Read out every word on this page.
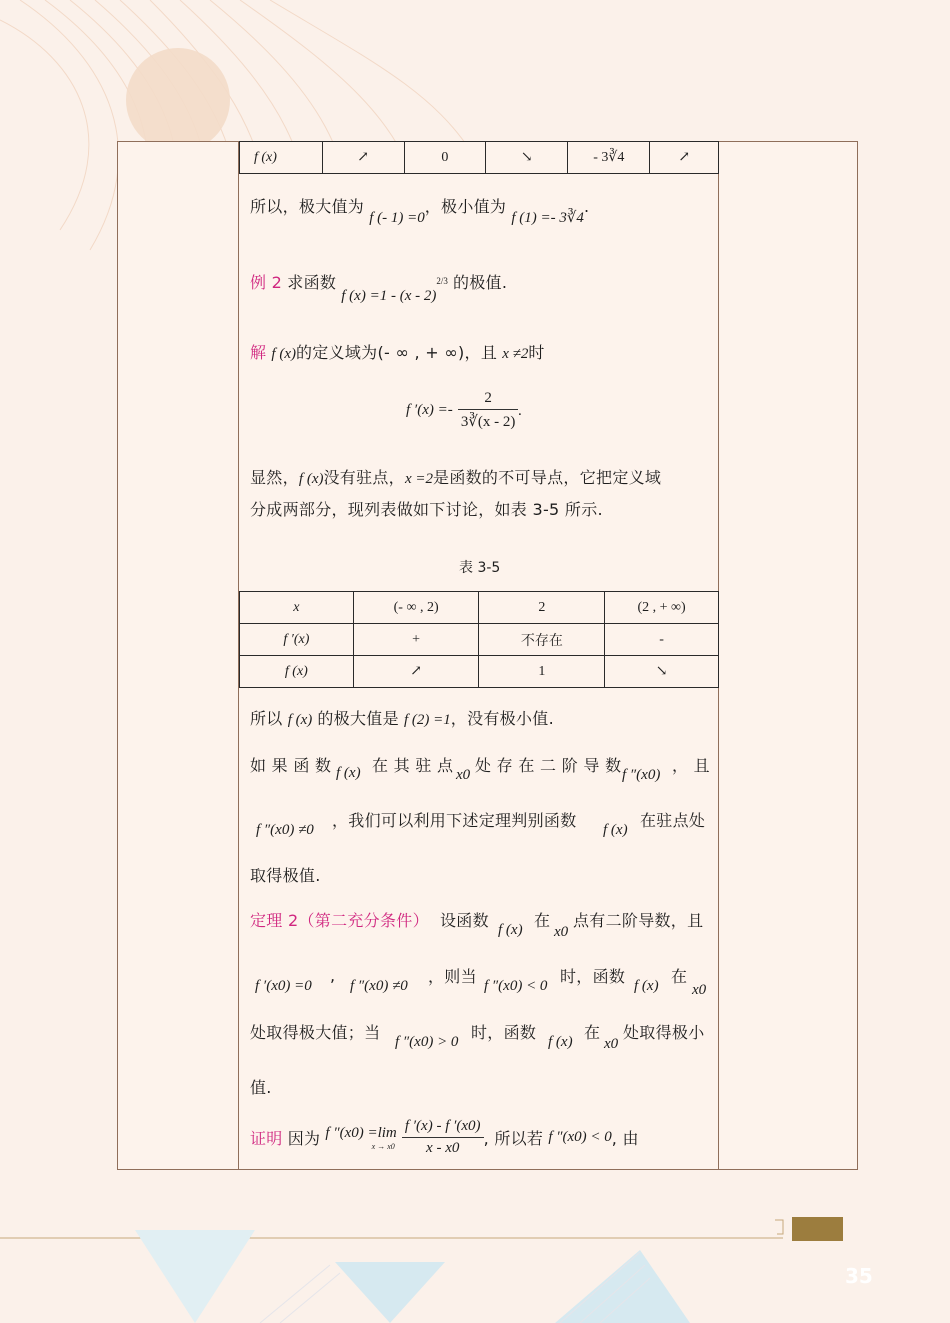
f (x)	↗	0	↘	- 3∛4	↗
所以，极大值为 f (- 1) =0，极小值为 f (1) =- 3∛4.
例 2 求函数 f (x) =1 - (x - 2)$^{2/3}$ 的极值.
解 f (x)的定义域为(- ∞ , + ∞)，且 x ≠2时
f $'(x) =- \frac{2}{3∛(x - 2)}$ .
显然，f (x)没有驻点，x =2是函数的不可导点，它把定义域
分成两部分，现列表做如下讨论，如表 3-5 所示.
表 3-5
x	(- ∞ , 2)	2	(2 , + ∞)
f ′(x)	+	不存在	-
f (x)	↗	1	↘
所以 f (x) 的极大值是 f (2) =1，没有极小值.
如 果 函 数 f (x) 在 其 驻 点 x0 处 存 在 二 阶 导 数 f ″(x0) ， 且
f ″(x0) ≠0 ，我们可以利用下述定理判别函数 f (x) 在驻点处
取得极值.
定理 2（第二充分条件） 设函数 f (x) 在
x0
点有二阶导数，且
f ′(x0) =0
,
f ″(x0) ≠0 ，则当 f ″(x0) < 0 时，函数 f (x) 在
x0
处取得极大值；当 f ″(x0) > 0 时，函数 f (x) 在
x0
处取得极小
值.
证明 因为 f ″(x0) =lim
x → x0
$\frac{f '(x) - f '(x0)}{x - x0}$ , 所以若 f ″(x0) < 0, 由
35
